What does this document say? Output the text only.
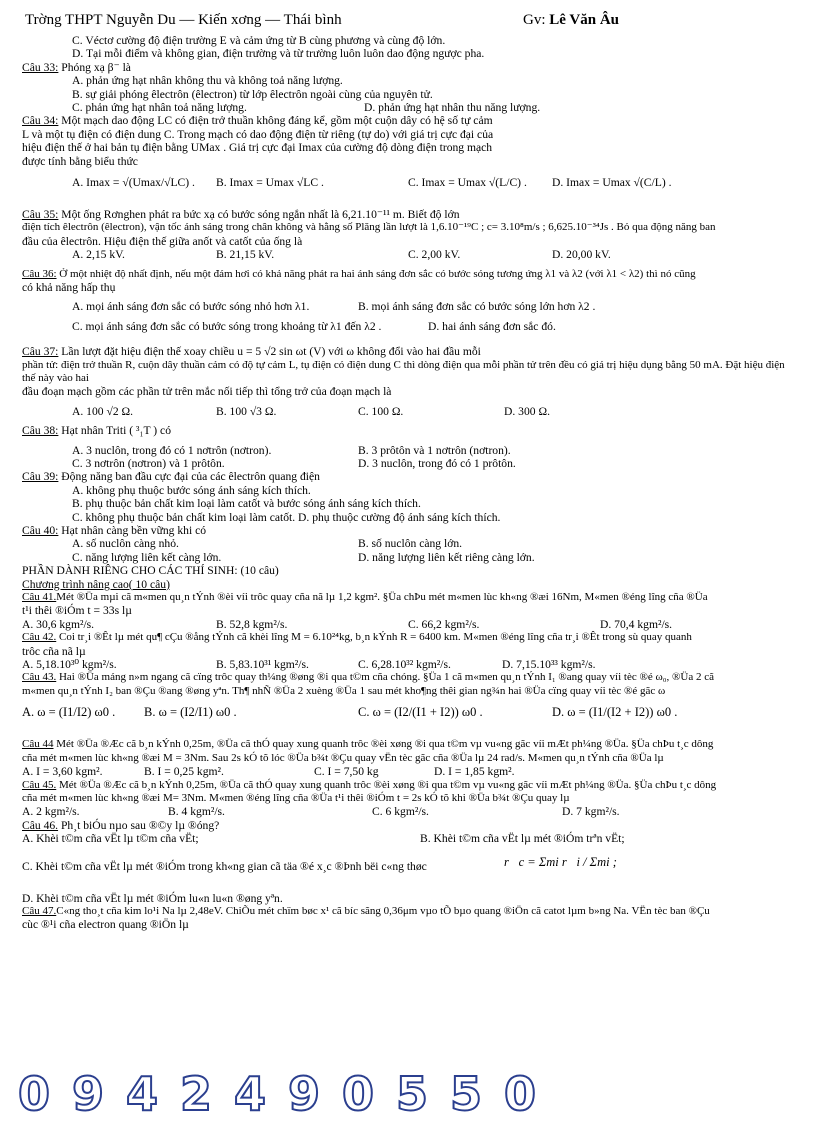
Trờng THPT Nguyễn Du — Kiến xơng — Thái bình	Gv: Lê Văn Âu
C. Véctơ cường độ điện trường E và cảm ứng từ B cùng phương và cùng độ lớn.
D. Tại mỗi điểm và không gian, điện trường và từ trường luôn luôn dao động ngược pha.
Câu 33: Phóng xạ β⁻ là
A. phản ứng hạt nhân không thu và không toả năng lượng.
B. sự giải phóng êlectrôn (êlectron) từ lớp êlectrôn ngoài cùng của nguyên tử.
C. phản ứng hạt nhân toả năng lượng.	D. phản ứng hạt nhân thu năng lượng.
Câu 34: Một mạch dao động LC có điện trở thuần không đáng kể, gồm một cuộn dây có hệ số tự cảm
L và một tụ điện có điện dung C. Trong mạch có dao động điện từ riêng (tự do) với giá trị cực đại của
hiệu điện thế ở hai bản tụ điện bằng UMax . Giá trị cực đại Imax của cường độ dòng điện trong mạch
được tính bằng biểu thức
A. Imax = √(Umax/√LC) . B. Imax = Umax √LC .	C. Imax = Umax √(L/C) . D. Imax = Umax √(C/L) .
Câu 35: Một ống Rơnghen phát ra bức xạ có bước sóng ngắn nhất là 6,21.10⁻¹¹ m. Biết độ lớn
điện tích êlectrôn (êlectron), vận tốc ánh sáng trong chân không và hằng số Plăng lần lượt là 1,6.10⁻¹⁹C ; c= 3.10⁸m/s ; 6,625.10⁻³⁴Js . Bỏ qua động năng ban
đầu của êlectrôn. Hiệu điện thế giữa anốt và catốt của ống là
A. 2,15 kV.	B. 21,15 kV.	C. 2,00 kV.	D. 20,00 kV.
Câu 36: Ở một nhiệt độ nhất định, nếu một đám hơi có khả năng phát ra hai ánh sáng đơn sắc có bước sóng tương ứng λ1 và λ2 (với λ1 < λ2) thì nó cũng
có khả năng hấp thụ
A. mọi ánh sáng đơn sắc có bước sóng nhỏ hơn λ1.	B. mọi ánh sáng đơn sắc có bước sóng lớn hơn λ2 .
C. mọi ánh sáng đơn sắc có bước sóng trong khoảng từ λ1 đến λ2 .	D. hai ánh sáng đơn sắc đó.
Câu 37: Lần lượt đặt hiệu điện thế xoay chiều u = 5 √2 sin ωt (V) với ω không đổi vào hai đầu mỗi
phần tử: điện trở thuần R, cuộn dây thuần cảm có độ tự cảm L, tụ điện có điện dung C thì dòng điện qua mỗi phần tử trên đều có giá trị hiệu dụng bằng 50 mA. Đặt hiệu điện thế này vào hai
đầu đoạn mạch gồm các phần tử trên mắc nối tiếp thì tổng trở của đoạn mạch là
A. 100 √2 Ω.	B. 100 √3 Ω.	C. 100 Ω.	D. 300 Ω.
Câu 38: Hạt nhân Triti ( ³₁T ) có
A. 3 nuclôn, trong đó có 1 nơtrôn (nơtron).	B. 3 prôtôn và 1 nơtrôn (nơtron).
C. 3 nơtrôn (nơtron) và 1 prôtôn.	D. 3 nuclôn, trong đó có 1 prôtôn.
Câu 39: Động năng ban đầu cực đại của các êlectrôn quang điện
A. không phụ thuộc bước sóng ánh sáng kích thích.
B. phụ thuộc bản chất kim loại làm catốt và bước sóng ánh sáng kích thích.
C. không phụ thuộc bản chất kim loại làm catốt. D. phụ thuộc cường độ ánh sáng kích thích.
Câu 40: Hạt nhân càng bền vững khi có
A. số nuclôn càng nhỏ.	B. số nuclôn càng lớn.
C. năng lượng liên kết càng lớn.	D. năng lượng liên kết riêng càng lớn.
PHẦN DÀNH RIÊNG CHO CÁC THÍ SINH: (10 câu)
Chương trình nâng cao( 10 câu)
Câu 41.Mét ®Üa mµi cã m«men qu¸n tÝnh ®èi víi trôc quay cña nã lµ 1,2 kgm². §Üa chÞu mét m«men lùc kh«ng ®æi 16Nm, M«men ®éng lîng cña ®Üa
t¹i thêi ®iÓm t = 33s lµ
A. 30,6 kgm²/s.	B. 52,8 kgm²/s.	C. 66,2 kgm²/s.	D. 70,4 kgm²/s.
Câu 42. Coi tr¸i ®Êt lµ mét qu¶ cÇu ®ång tÝnh cã khèi lîng M = 6.10²⁴kg, b¸n kÝnh R = 6400 km. M«men ®éng lîng cña tr¸i ®Êt trong sù quay quanh
trôc cña nã lµ
A. 5,18.10³⁰ kgm²/s.	B. 5,83.10³¹ kgm²/s.	C. 6,28.10³² kgm²/s.	D. 7,15.10³³ kgm²/s.
Câu 43. Hai ®Üa máng n»m ngang cã cïng trôc quay th¼ng ®øng ®i qua t©m cña chóng. §Üa 1 cã m«men qu¸n tÝnh I₁ ®ang quay víi tèc ®é ω₀, ®Üa 2 cã
m«men qu¸n tÝnh I₂ ban ®Çu ®ang ®øng yªn. Th¶ nhÑ ®Üa 2 xuèng ®Üa 1 sau mét kho¶ng thêi gian ng¾n hai ®Üa cïng quay víi tèc ®é gãc ω
A. ω = (I1/I2) ω0 . B. ω = (I2/I1) ω0 .	C. ω = (I2/(I1 + I2)) ω0 .	D. ω = (I1/(I2 + I2)) ω0 .
Câu 44 Mét ®Üa ®Æc cã b¸n kÝnh 0,25m, ®Üa cã thÓ quay xung quanh trôc ®èi xøng ®i qua t©m vµ vu«ng gãc víi mÆt ph¼ng ®Üa. §Üa chÞu t¸c dông
cña mét m«men lùc kh«ng ®æi M = 3Nm. Sau 2s kÓ tõ lóc ®Üa b¾t ®Çu quay vËn tèc gãc cña ®Üa lµ 24 rad/s. M«men qu¸n tÝnh cña ®Üa lµ
A. I = 3,60 kgm².	B. I = 0,25 kgm².	C. I = 7,50 kg	D. I = 1,85 kgm².
Câu 45. Mét ®Üa ®Æc cã b¸n kÝnh 0,25m, ®Üa cã thÓ quay xung quanh trôc ®èi xøng ®i qua t©m vµ vu«ng gãc víi mÆt ph¼ng ®Üa. §Üa chÞu t¸c dông
cña mét m«men lùc kh«ng ®æi M= 3Nm. M«men ®éng lîng cña ®Üa t¹i thêi ®iÓm t = 2s kÓ tõ khi ®Üa b¾t ®Çu quay lµ
A. 2 kgm²/s.	B. 4 kgm²/s.	C. 6 kgm²/s.	D. 7 kgm²/s.
Câu 46. Ph¸t biÓu nµo sau ®©y lµ ®óng?
A. Khèi t©m cña vËt lµ t©m cña vËt;	B. Khèi t©m cña vËt lµ mét ®iÓm trªn vËt;
C. Khèi t©m cña vËt lµ mét ®iÓm trong kh«ng gian cã täa ®é x¸c ®Þnh bëi c«ng thøc	r⃗c = Σmi r⃗i / Σmi ;
D. Khèi t©m cña vËt lµ mét ®iÓm lu«n lu«n ®øng yªn.
Câu 47.C«ng tho¸t cña kim lo¹i Na lµ 2,48eV. ChiÕu mét chïm bøc x¹ cã bíc sãng 0,36μm vµo tÕ bµo quang ®iÖn cã catot lµm b»ng Na. VËn tèc ban ®Çu
cùc ®¹i cña electron quang ®iÖn lµ
0942490550
